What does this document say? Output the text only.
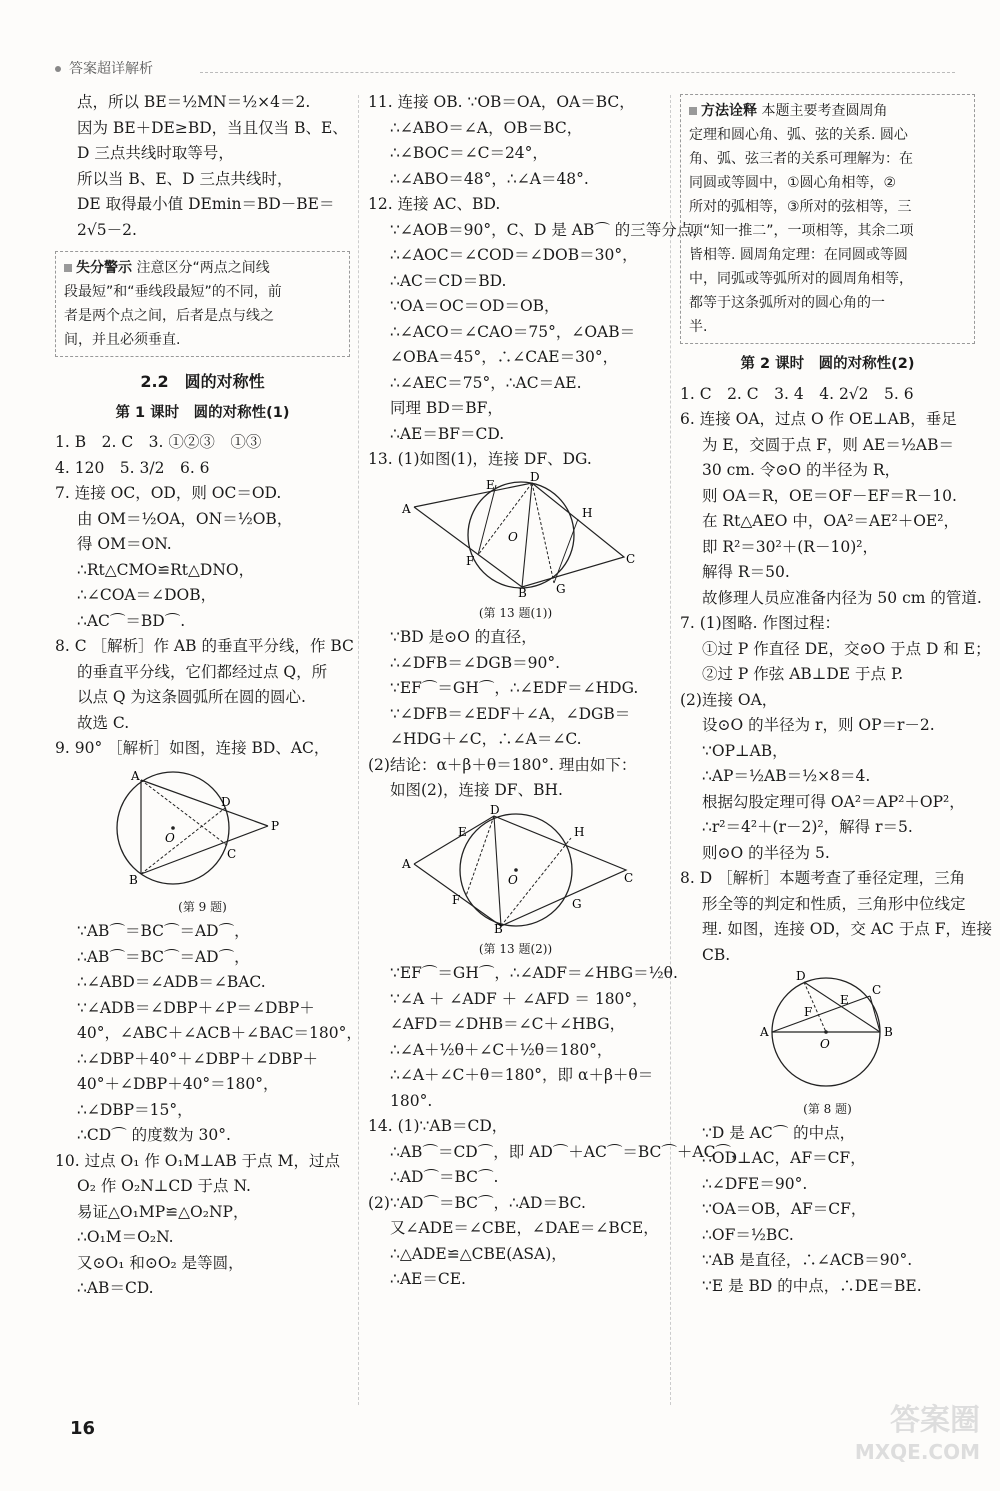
答案超详解析
点，所以 BE＝½MN＝½×4＝2.
因为 BE＋DE≥BD，当且仅当 B、E、
D 三点共线时取等号，
所以当 B、E、D 三点共线时，
DE 取得最小值 DEmin＝BD－BE＝
2√5－2.
失分警示 注意区分“两点之间线
段最短”和“垂线段最短”的不同，前
者是两个点之间，后者是点与线之
间，并且必须垂直.
2.2　圆的对称性
第 1 课时　圆的对称性(1)
1. B　2. C　3. ①②③　①③
4. 120　5. 3/2　6. 6
7. 连接 OC，OD，则 OC＝OD.
由 OM＝½OA，ON＝½OB，
得 OM＝ON.
∴Rt△CMO≌Rt△DNO，
∴∠COA＝∠DOB，
∴AC⌒＝BD⌒.
8. C ［解析］作 AB 的垂直平分线，作 BC
的垂直平分线，它们都经过点 Q，所
以点 Q 为这条圆弧所在圆的圆心.
故选 C.
9. 90° ［解析］如图，连接 BD、AC，
A
D
O
P
C
B
(第 9 题)
∵AB⌒＝BC⌒＝AD⌒，
∴AB⌒＝BC⌒＝AD⌒，
∴∠ABD＝∠ADB＝∠BAC.
∵∠ADB＝∠DBP＋∠P＝∠DBP＋
40°，∠ABC＋∠ACB＋∠BAC＝180°，
∴∠DBP＋40°＋∠DBP＋∠DBP＋
40°＋∠DBP＋40°＝180°，
∴∠DBP＝15°，
∴CD⌒ 的度数为 30°.
10. 过点 O₁ 作 O₁M⊥AB 于点 M，过点
O₂ 作 O₂N⊥CD 于点 N.
易证△O₁MP≌△O₂NP，
∴O₁M＝O₂N.
又⊙O₁ 和⊙O₂ 是等圆，
∴AB＝CD.
11. 连接 OB. ∵OB＝OA，OA＝BC，
∴∠ABO＝∠A，OB＝BC，
∴∠BOC＝∠C＝24°，
∴∠ABO＝48°，∴∠A＝48°.
12. 连接 AC、BD.
∵∠AOB＝90°，C、D 是 AB⌒ 的三等分点，
∴∠AOC＝∠COD＝∠DOB＝30°，
∴AC＝CD＝BD.
∵OA＝OC＝OD＝OB，
∴∠ACO＝∠CAO＝75°，∠OAB＝
∠OBA＝45°，∴∠CAE＝30°，
∴∠AEC＝75°，∴AC＝AE.
同理 BD＝BF，
∴AE＝BF＝CD.
13. (1)如图(1)，连接 DF、DG.
A
E
D
H
O
F
B G
C
(第 13 题(1))
∵BD 是⊙O 的直径，
∴∠DFB＝∠DGB＝90°.
∵EF⌒＝GH⌒，∴∠EDF＝∠HDG.
∵∠DFB＝∠EDF＋∠A，∠DGB＝
∠HDG＋∠C，∴∠A＝∠C.
(2)结论：α＋β＋θ＝180°. 理由如下：
如图(2)，连接 DF、BH.
A
E
D
H
O
F
B
G
C
(第 13 题(2))
∵EF⌒＝GH⌒，∴∠ADF＝∠HBG＝½θ.
∵∠A ＋ ∠ADF ＋ ∠AFD ＝ 180°，
∠AFD＝∠DHB＝∠C＋∠HBG，
∴∠A＋½θ＋∠C＋½θ＝180°，
∴∠A＋∠C＋θ＝180°，即 α＋β＋θ＝
180°.
14. (1)∵AB＝CD，
∴AB⌒＝CD⌒，即 AD⌒＋AC⌒＝BC⌒＋AC⌒，
∴AD⌒＝BC⌒.
(2)∵AD⌒＝BC⌒，∴AD＝BC.
又∠ADE＝∠CBE，∠DAE＝∠BCE，
∴△ADE≌△CBE(ASA)，
∴AE＝CE.
方法诠释 本题主要考查圆周角
定理和圆心角、弧、弦的关系. 圆心
角、弧、弦三者的关系可理解为：在
同圆或等圆中，①圆心角相等，②
所对的弧相等，③所对的弦相等，三
项“知一推二”，一项相等，其余二项
皆相等. 圆周角定理：在同圆或等圆
中，同弧或等弧所对的圆周角相等，
都等于这条弧所对的圆心角的一
半.
第 2 课时　圆的对称性(2)
1. C　2. C　3. 4　4. 2√2　5. 6
6. 连接 OA，过点 O 作 OE⊥AB，垂足
为 E，交圆于点 F，则 AE＝½AB＝
30 cm. 令⊙O 的半径为 R，
则 OA＝R，OE＝OF－EF＝R－10.
在 Rt△AEO 中，OA²＝AE²＋OE²，
即 R²＝30²＋(R－10)²，
解得 R＝50.
故修理人员应准备内径为 50 cm 的管道.
7. (1)图略. 作图过程：
①过 P 作直径 DE，交⊙O 于点 D 和 E；
②过 P 作弦 AB⊥DE 于点 P.
(2)连接 OA，
设⊙O 的半径为 r，则 OP＝r－2.
∵OP⊥AB，
∴AP＝½AB＝½×8＝4.
根据勾股定理可得 OA²＝AP²＋OP²，
∴r²＝4²＋(r－2)²，解得 r＝5.
则⊙O 的半径为 5.
8. D ［解析］本题考查了垂径定理，三角
形全等的判定和性质，三角形中位线定
理. 如图，连接 OD，交 AC 于点 F，连接
CB.
D
C
E
F
A
O
B
(第 8 题)
∵D 是 AC⌒ 的中点，
∴OD⊥AC，AF＝CF，
∴∠DFE＝90°.
∵OA＝OB，AF＝CF，
∴OF＝½BC.
∵AB 是直径，∴∠ACB＝90°.
∵E 是 BD 的中点，∴DE＝BE.
16	答案圈
MXQE.COM
